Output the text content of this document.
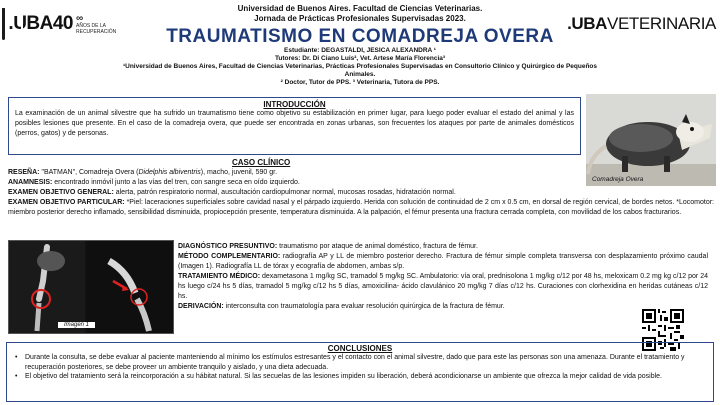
.UBA40 ∞
AÑOS DE LA RECUPERACIÓN	.UBAVETERINARIA
Universidad de Buenos Aires. Facultad de Ciencias Veterinarias.
Jornada de Prácticas Profesionales Supervisadas 2023.
TRAUMATISMO EN COMADREJA OVERA
Estudiante: DEGASTALDI, JESICA ALEXANDRA ¹
Tutores: Dr. Di Ciano Luis², Vet. Artese María Florencia³
¹Universidad de Buenos Aires, Facultad de Ciencias Veterinarias, Prácticas Profesionales Supervisadas en Consultorio Clínico y Quirúrgico de Pequeños Animales.
² Doctor, Tutor de PPS. ³ Veterinaria, Tutora de PPS.
INTRODUCCIÓN

La examinación de un animal silvestre que ha sufrido un traumatismo tiene como objetivo su estabilización en primer lugar, para luego poder evaluar el estado del animal y las posibles lesiones que presente. En el caso de la comadreja overa, que puede ser encontrada en zonas urbanas, son frecuentes los ataques por parte de animales domésticos (perros, gatos) y de personas.

Comadreja Overa
CASO CLÍNICO
RESEÑA: "BATMAN", Comadreja Overa (Didelphis albiventris), macho, juvenil, 590 gr.
ANAMNESIS: encontrado inmóvil junto a las vías del tren, con sangre seca en oído izquierdo.
EXAMEN OBJETIVO GENERAL: alerta, patrón respiratorio normal, auscultación cardiopulmonar normal, mucosas rosadas, hidratación normal.
EXAMEN OBJETIVO PARTICULAR: *Piel: laceraciones superficiales sobre cavidad nasal y el párpado izquierdo. Herida con solución de continuidad de 2 cm x 0.5 cm, en dorsal de región cervical, de bordes netos. *Locomotor: miembro posterior derecho inflamado, sensibilidad disminuida, propiocepción presente, temperatura disminuida. A la palpación, el fémur presenta una fractura cerrada completa, con movilidad de los cabos fracturarios.
Imagen 1
DIAGNÓSTICO PRESUNTIVO: traumatismo por ataque de animal doméstico, fractura de fémur.
MÉTODO COMPLEMENTARIO: radiografía AP y LL de miembro posterior derecho. Fractura de fémur simple completa transversa con desplazamiento próximo caudal (Imagen 1). Radiografía LL de tórax y ecografía de abdomen, ambas s/p.
TRATAMIENTO MÉDICO: dexametasona 1 mg/kg SC, tramadol 5 mg/kg SC. Ambulatorio: vía oral, prednisolona 1 mg/kg c/12 por 48 hs, meloxicam 0.2 mg kg c/12 por 24 hs luego c/24 hs 5 días, tramadol 5 mg/kg c/12 hs 5 días, amoxicilina- ácido clavulánico 20 mg/kg 7 días c/12 hs. Curaciones con clorhexidina en heridas cutáneas c/12 hs.
DERIVACIÓN: interconsulta con traumatología para evaluar resolución quirúrgica de la fractura de fémur.
CONCLUSIONES
• Durante la consulta, se debe evaluar al paciente manteniendo al mínimo los estímulos estresantes y el contacto con el animal silvestre, dado que para este las personas son una amenaza. Durante el tratamiento y recuperación posteriores, se debe proveer un ambiente tranquilo y aislado, y una dieta adecuada.
• El objetivo del tratamiento será la reincorporación a su hábitat natural. Si las secuelas de las lesiones impiden su liberación, deberá acondicionarse un ambiente que ofrezca la mejor calidad de vida posible.
